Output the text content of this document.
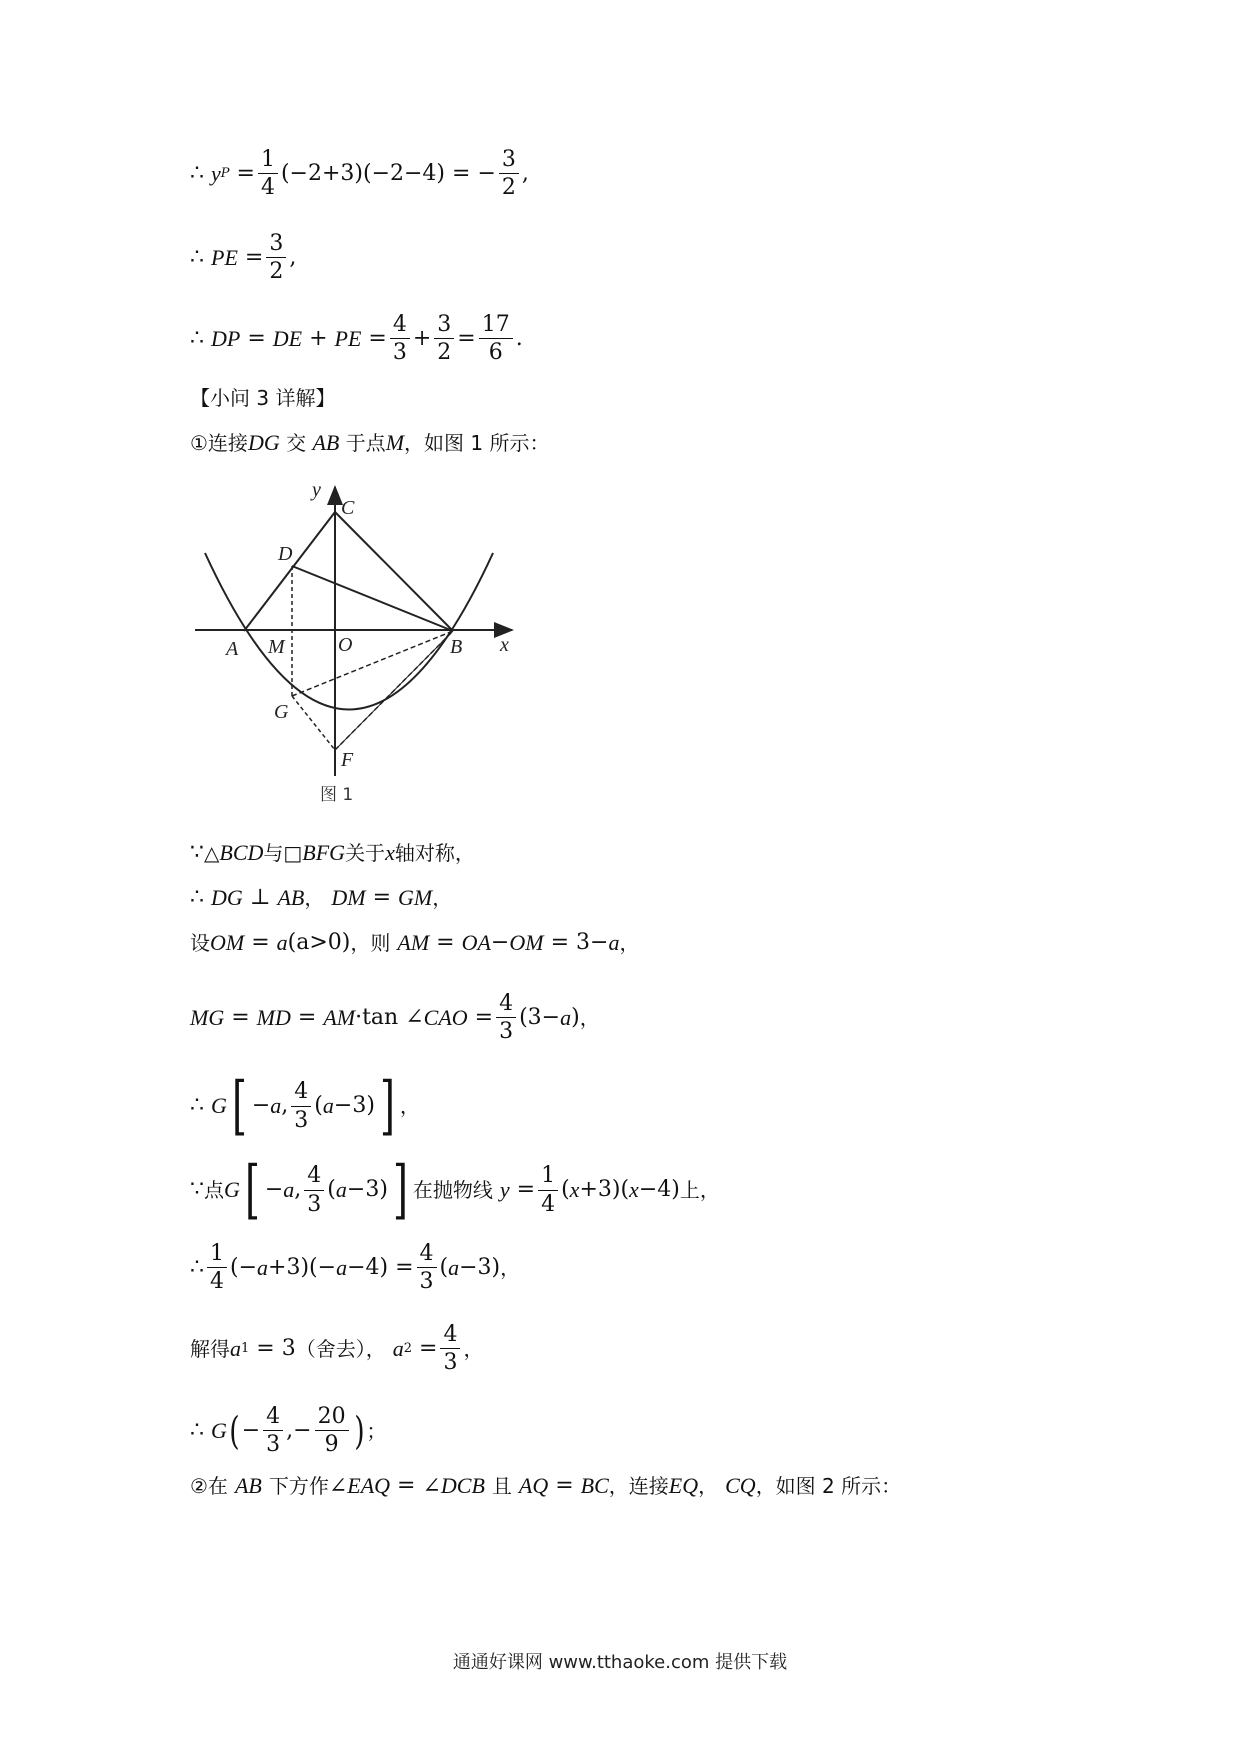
∴
y P
= $\frac{1}{4} (-2+3)(-2-4)$
= − $\frac{3}{2}$ ,
∴
PE
= $\frac{3}{2}$ ,
∴
DP
=
DE
+
PE
= $\frac{4}{3} + \frac{3}{2} = \frac{17}{6}$ .
【小问 3 详解】
①连接 DG
交
AB
于点 M ，如图 1 所示：
y
C
D
A M	O	B x
G
F
图 1
∵ △ BCD 与 □ BFG 关于 x 轴对称，
∴
DG
⊥
AB ，
DM
=
GM ，
设 OM
=
a (a>0) ，则
AM
=
OA − OM
=
3− a ，
MG
=
MD
=
AM · tan ∠ CAO
= $\frac{4}{3} (3- a$ ) ，
∴
G [ − a , $\frac{4}{3}$ ( a −3) ] ，
∵ 点 G [ − a , $\frac{4}{3}$ ( a −3) ] 在抛物线
y
= $\frac{1}{4}$ ( x +3)( x −4) 上，
∴ $\frac{1}{4}$ (− a +3)(− a −4)
= $\frac{4}{3}$ ( a −3) ，
解得 a 1
=
3 （舍去），
a 2
= $\frac{4}{3}$ ，
∴
G ( − $\frac{4}{3}$ ,− $\frac{20}{9}$ ) ；
②在
AB
下方作 ∠EAQ
=
∠DCB
且
AQ
=
BC ，连接 EQ ，
CQ ，如图 2 所示：
通通好课网 www.tthaoke.com 提供下载
